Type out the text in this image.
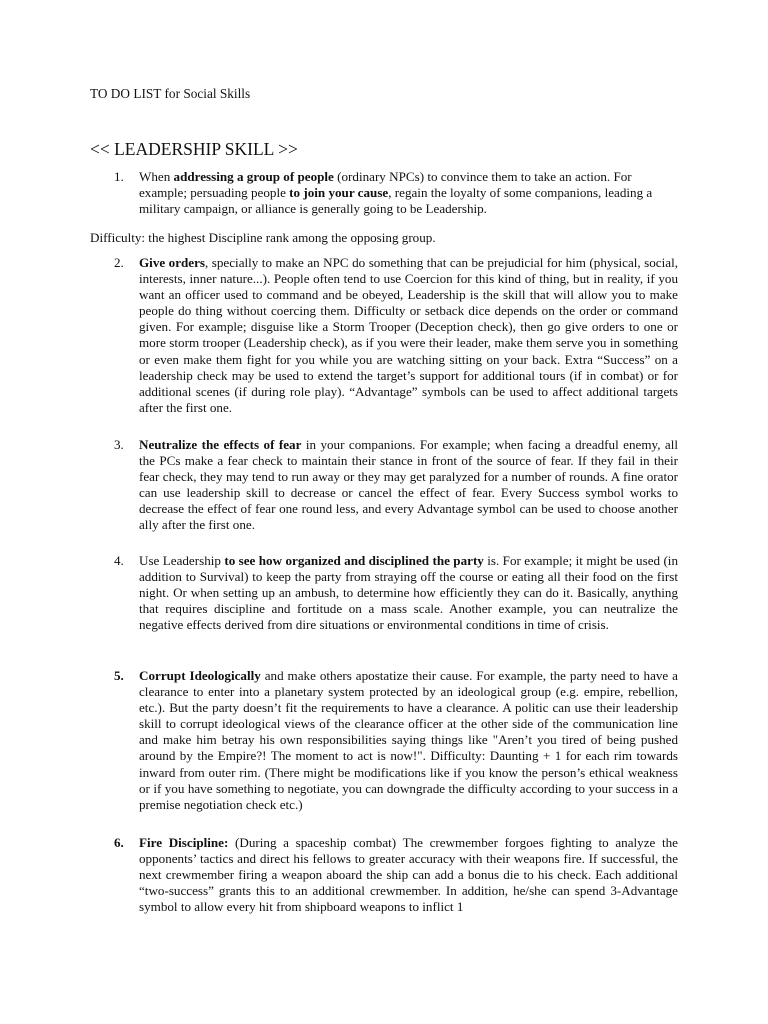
TO DO LIST for Social Skills
<< LEADERSHIP SKILL >>
1.	When addressing a group of people (ordinary NPCs) to convince them to take an action. For example; persuading people to join your cause, regain the loyalty of some companions, leading a military campaign, or alliance is generally going to be Leadership.
Difficulty: the highest Discipline rank among the opposing group.
2.	Give orders, specially to make an NPC do something that can be prejudicial for him (physical, social, interests, inner nature...). People often tend to use Coercion for this kind of thing, but in reality, if you want an officer used to command and be obeyed, Leadership is the skill that will allow you to make people do thing without coercing them. Difficulty or setback dice depends on the order or command given. For example; disguise like a Storm Trooper (Deception check), then go give orders to one or more storm trooper (Leadership check), as if you were their leader, make them serve you in something or even make them fight for you while you are watching sitting on your back. Extra “Success” on a leadership check may be used to extend the target’s support for additional tours (if in combat) or for additional scenes (if during role play). “Advantage” symbols can be used to affect additional targets after the first one.
3.	Neutralize the effects of fear in your companions. For example; when facing a dreadful enemy, all the PCs make a fear check to maintain their stance in front of the source of fear. If they fail in their fear check, they may tend to run away or they may get paralyzed for a number of rounds. A fine orator can use leadership skill to decrease or cancel the effect of fear. Every Success symbol works to decrease the effect of fear one round less, and every Advantage symbol can be used to choose another ally after the first one.
4.	Use Leadership to see how organized and disciplined the party is. For example; it might be used (in addition to Survival) to keep the party from straying off the course or eating all their food on the first night. Or when setting up an ambush, to determine how efficiently they can do it. Basically, anything that requires discipline and fortitude on a mass scale. Another example, you can neutralize the negative effects derived from dire situations or environmental conditions in time of crisis.
5.	Corrupt Ideologically and make others apostatize their cause. For example, the party need to have a clearance to enter into a planetary system protected by an ideological group (e.g. empire, rebellion, etc.). But the party doesn’t fit the requirements to have a clearance. A politic can use their leadership skill to corrupt ideological views of the clearance officer at the other side of the communication line and make him betray his own responsibilities saying things like "Aren’t you tired of being pushed around by the Empire?! The moment to act is now!". Difficulty: Daunting + 1 for each rim towards inward from outer rim. (There might be modifications like if you know the person’s ethical weakness or if you have something to negotiate, you can downgrade the difficulty according to your success in a premise negotiation check etc.)
6.	Fire Discipline: (During a spaceship combat) The crewmember forgoes fighting to analyze the opponents’ tactics and direct his fellows to greater accuracy with their weapons fire. If successful, the next crewmember firing a weapon aboard the ship can add a bonus die to his check. Each additional “two-success” grants this to an additional crewmember. In addition, he/she can spend 3-Advantage symbol to allow every hit from shipboard weapons to inflict 1
